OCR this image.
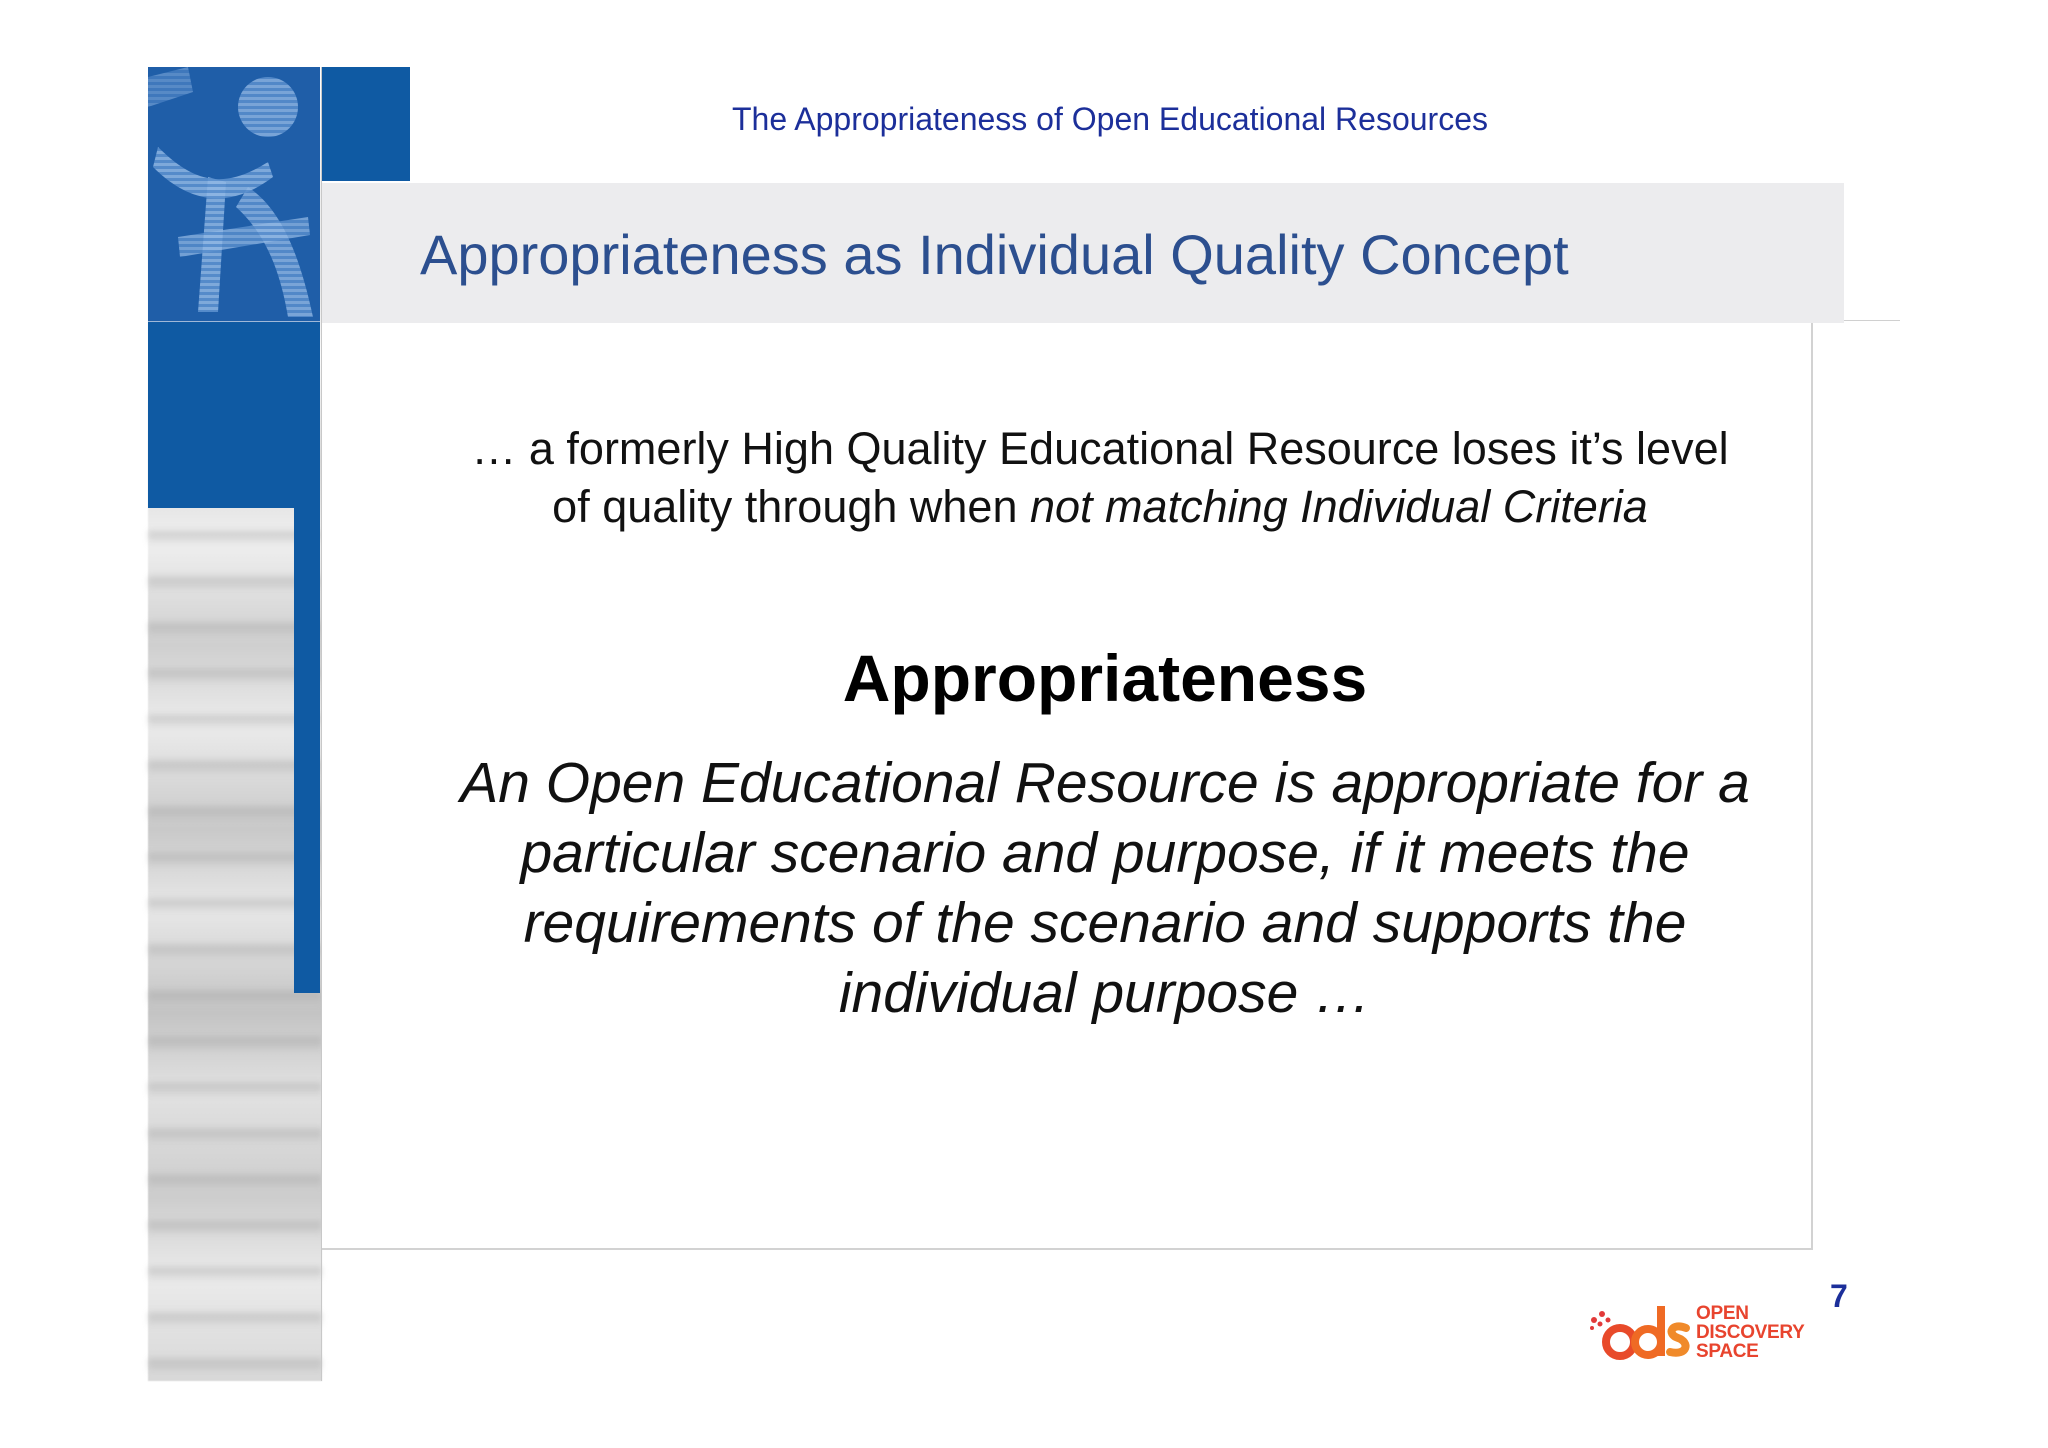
The Appropriateness of Open Educational Resources
Appropriateness as Individual Quality Concept
… a formerly High Quality Educational Resource loses it’s level
of quality through when not matching Individual Criteria
Appropriateness
An Open Educational Resource is appropriate for a
particular scenario and purpose, if it meets the
requirements of the scenario and supports the
individual purpose …
7
OPEN
DISCOVERY
SPACE
